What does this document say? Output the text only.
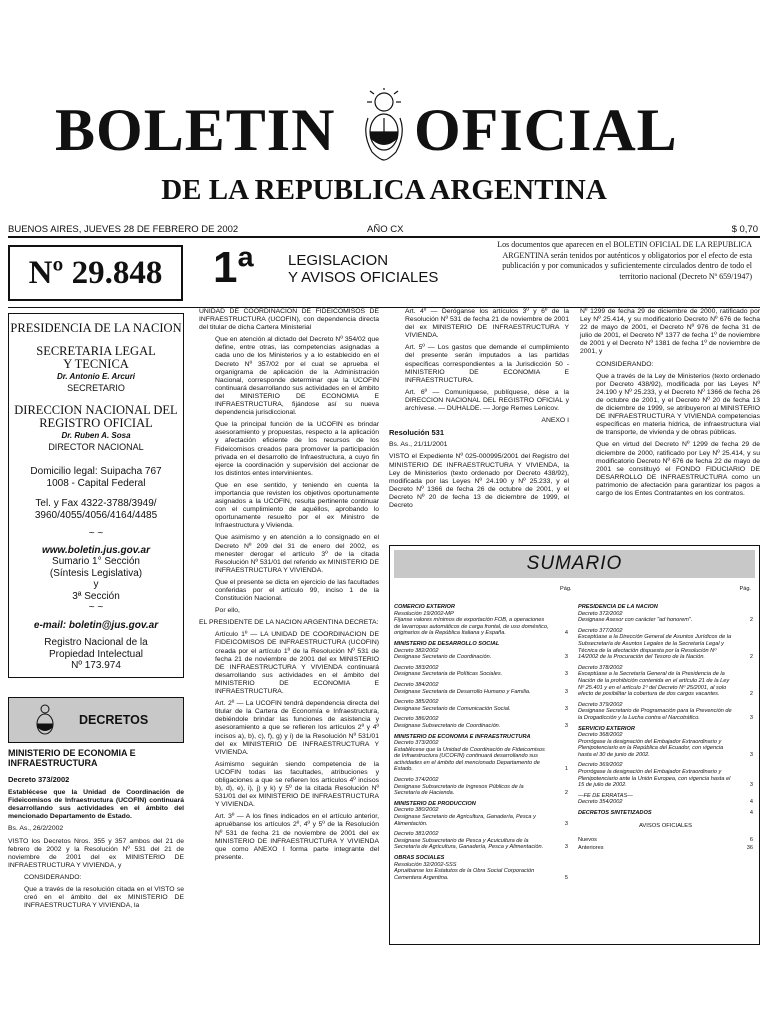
BOLETIN OFICIAL
DE LA REPUBLICA ARGENTINA
BUENOS AIRES, JUEVES 28 DE FEBRERO DE 2002	AÑO CX	$ 0,70
Nº 29.848	1ª LEGISLACION
Y AVISOS OFICIALES
Los documentos que aparecen en el BOLETIN OFICIAL DE LA REPUBLICA ARGENTINA serán tenidos por auténticos y obligatorios por el efecto de esta publicación y por comunicados y suficientemente circulados dentro de todo el territorio nacional (Decreto Nº 659/1947)
PRESIDENCIA DE LA NACION
SECRETARIA LEGAL
Y TECNICA
Dr. Antonio E. Arcuri
SECRETARIO
DIRECCION NACIONAL DEL
REGISTRO OFICIAL
Dr. Ruben A. Sosa
DIRECTOR NACIONAL
Domicilio legal: Suipacha 767
1008 - Capital Federal
Tel. y Fax 4322-3788/3949/
3960/4055/4056/4164/4485
~ ~
www.boletin.jus.gov.ar
Sumario 1° Sección
(Síntesis Legislativa)
y
3ª Sección
~ ~
e-mail: boletin@jus.gov.ar
Registro Nacional de la
Propiedad Intelectual
Nº 173.974
DECRETOS
MINISTERIO DE ECONOMIA E INFRAESTRUCTURA
Decreto 373/2002

Establécese que la Unidad de Coordinación de Fideicomisos de Infraestructura (UCOFIN) continuará desarrollando sus actividades en el ámbito del mencionado Departamento de Estado.

Bs. As., 26/2/2002

VISTO los Decretos Nros. 355 y 357 ambos del 21 de febrero de 2002 y la Resolución Nº 531 del 21 de noviembre de 2001 del ex MINISTERIO DE INFRAESTRUCTURA Y VIVIENDA, y

CONSIDERANDO:

Que a través de la resolución citada en el VISTO se creó en el ámbito del ex MINISTERIO DE INFRAESTRUCTURA Y VIVIENDA, la

UNIDAD DE COORDINACION DE FIDEICOMISOS DE INFRAESTRUCTURA (UCOFIN), con dependencia directa del titular de dicha Cartera Ministerial

Que en atención al dictado del Decreto Nº 354/02 que define, entre otras, las competencias asignadas a cada uno de los Ministerios y a lo establecido en el Decreto Nº 357/02 por el cual se aprueba el organigrama de aplicación de la Administración Nacional, corresponde determinar que la UCOFIN continuará desarrollando sus actividades en el ámbito del MINISTERIO DE ECONOMIA E INFRAESTRUCTURA, fijándose así su nueva dependencia jurisdiccional.

Que la principal función de la UCOFIN es brindar asesoramiento y propuestas, respecto a la aplicación y afectación eficiente de los recursos de los Fideicomisos creados para promover la participación privada en el desarrollo de Infraestructura, a cuyo fin ejerce la coordinación y supervisión del accionar de los distintos entes intervinientes.

Que en ese sentido, y teniendo en cuenta la importancia que revisten los objetivos oportunamente asignados a la UCOFIN, resulta pertinente continuar con el cumplimiento de aquéllos, aprobando lo oportunamente resuelto por el ex Ministro de Infraestructura y Vivienda.

Que asimismo y en atención a lo consignado en el Decreto Nº 209 del 31 de enero del 2002, es menester derogar el artículo 3º de la citada Resolución Nº 531/01 del referido ex MINISTERIO DE INFRAESTRUCTURA Y VIVIENDA.

Que el presente se dicta en ejercicio de las facultades conferidas por el artículo 99, inciso 1 de la Constitución Nacional.

Por ello,

EL PRESIDENTE DE LA NACION ARGENTINA DECRETA:

Artículo 1º — LA UNIDAD DE COORDINACION DE FIDEICOMISOS DE INFRAESTRUCTURA (UCOFIN) creada por el artículo 1º de la Resolución Nº 531 de fecha 21 de noviembre de 2001 del ex MINISTERIO DE INFRAESTRUCTURA Y VIVIENDA continuará desarrollando sus actividades en el ámbito del MINISTERIO DE ECONOMIA E INFRAESTRUCTURA.

Art. 2º — La UCOFIN tendrá dependencia directa del titular de la Cartera de Economía e Infraestructura, debiéndole brindar las funciones de asistencia y asesoramiento a que se refieren los artículos 2º y 4º incisos a), b), c), f), g) y i) de la Resolución Nº 531/01 del ex MINISTERIO DE INFRAESTRUCTURA Y VIVIENDA.

Asimismo seguirán siendo competencia de la UCOFIN todas las facultades, atribuciones y obligaciones a que se refieren los artículos 4º incisos b), d), e), i), j) y k) y 5º de la citada Resolución Nº 531/01 del ex MINISTERIO DE INFRAESTRUCTURA Y VIVIENDA.

Art. 3º — A los fines indicados en el artículo anterior, apruébanse los artículos 2º, 4º y 5º de la Resolución Nº 531 de fecha 21 de noviembre de 2001 del ex MINISTERIO DE INFRAESTRUCTURA Y VIVIENDA que como ANEXO I forma parte integrante del presente.

Art. 4º — Deróganse los artículos 3º y 6º de la Resolución Nº 531 de fecha 21 de noviembre de 2001 del ex MINISTERIO DE INFRAESTRUCTURA Y VIVIENDA.

Art. 5º — Los gastos que demande el cumplimiento del presente serán imputados a las partidas específicas correspondientes a la Jurisdicción 50 - MINISTERIO DE ECONOMIA E INFRAESTRUCTURA.

Art. 6º — Comuníquese, publíquese, dése a la DIRECCION NACIONAL DEL REGISTRO OFICIAL y archívese. — DUHALDE. — Jorge Remes Lenicov.

ANEXO I

Resolución 531

Bs. As., 21/11/2001

VISTO el Expediente Nº 025-000995/2001 del Registro del MINISTERIO DE INFRAESTRUCTURA Y VIVIENDA, la Ley de Ministerios (texto ordenado por Decreto 438/92), modificada por las Leyes Nº 24.190 y Nº 25.233, y el Decreto Nº 1366 de fecha 26 de octubre de 2001, y el Decreto Nº 20 de fecha 13 de diciembre de 1999, el Decreto

Nº 1299 de fecha 29 de diciembre de 2000, ratificado por Ley Nº 25.414, y su modificatorio Decreto Nº 676 de fecha 22 de mayo de 2001, el Decreto Nº 976 de fecha 31 de julio de 2001, el Decreto Nº 1377 de fecha 1º de noviembre de 2001 y el Decreto Nº 1381 de fecha 1º de noviembre de 2001, y

CONSIDERANDO:

Que a través de la Ley de Ministerios (texto ordenado por Decreto 438/92), modificada por las Leyes Nº 24.190 y Nº 25.233, y el Decreto Nº 1366 de fecha 26 de octubre de 2001, y el Decreto Nº 20 de fecha 13 de diciembre de 1999, se atribuyeron al MINISTERIO DE INFRAESTRUCTURA Y VIVIENDA competencias específicas en materia hídrica, de infraestructura vial de transporte, de vivienda y de obras públicas.

Que en virtud del Decreto Nº 1299 de fecha 29 de diciembre de 2000, ratificado por Ley Nº 25.414, y su modificatorio Decreto Nº 676 de fecha 22 de mayo de 2001 se constituyó el FONDO FIDUCIARIO DE DESARROLLO DE INFRAESTRUCTURA como un patrimonio de afectación para garantizar los pagos a cargo de los Entes Contratantes en los contratos.

SUMARIO
Pág.	Pág.
COMERCIO EXTERIOR
Resolución 19/2002-MP
Fíjanse valores mínimos de exportación FOB, a operaciones de lavarropas automáticos de carga frontal, de uso doméstico, originarios de la República Italiana y España.	4
MINISTERIO DE DESARROLLO SOCIAL
Decreto 382/2002
Designase Secretario de Coordinación.	3
Decreto 383/2002
Designase Secretaria de Políticas Sociales.	3
Decreto 384/2002
Designase Secretaria de Desarrollo Humano y Familia.	3
Decreto 385/2002
Designase Secretario de Comunicación Social.	3
Decreto 386/2002
Designase Subsecretario de Coordinación.	3
MINISTERIO DE ECONOMIA E INFRAESTRUCTURA
Decreto 373/2002
Establécese que la Unidad de Coordinación de Fideicomisos de Infraestructura (UCOFIN) continuará desarrollando sus actividades en el ámbito del mencionado Departamento de Estado.	1
Decreto 374/2002
Designase Subsecretario de Ingresos Públicos de la Secretaría de Hacienda.	2
MINISTERIO DE PRODUCCION
Decreto 380/2002
Designase Secretario de Agricultura, Ganadería, Pesca y Alimentación.	3
Decreto 381/2002
Designase Subsecretario de Pesca y Acuicultura de la Secretaría de Agricultura, Ganadería, Pesca y Alimentación.	3
OBRAS SOCIALES
Resolución 32/2002-SSS
Apruébanse los Estatutos de la Obra Social Corporación Cementera Argentina.	5
PRESIDENCIA DE LA NACION
Decreto 372/2002
Designase Asesor con carácter "ad honorem".	2
Decreto 377/2002
Exceptúase a la Dirección General de Asuntos Jurídicos de la Subsecretaría de Asuntos Legales de la Secretaría Legal y Técnica de la afectación dispuesta por la Resolución Nº 14/2002 de la Procuración del Tesoro de la Nación.	2
Decreto 378/2002
Exceptúase a la Secretaría General de la Presidencia de la Nación de la prohibición contenida en el artículo 21 de la Ley Nº 25.401 y en el artículo 1º del Decreto Nº 25/2001, al solo efecto de posibilitar la cobertura de dos cargos vacantes.	2
Decreto 379/2002
Designase Secretario de Programación para la Prevención de la Drogadicción y la Lucha contra el Narcotráfico.	3
SERVICIO EXTERIOR
Decreto 368/2002
Prorrógase la designación del Embajador Extraordinario y Plenipotenciario en la República del Ecuador, con vigencia hasta el 30 de junio de 2002.	3
Decreto 369/2002
Prorrógase la designación del Embajador Extraordinario y Plenipotenciario ante la Unión Europea, con vigencia hasta el 15 de julio de 2002.	3
—FE DE ERRATAS—
Decreto 354/2002	4
DECRETOS SINTETIZADOS	4
AVISOS OFICIALES
Nuevos	6
Anteriores	36
